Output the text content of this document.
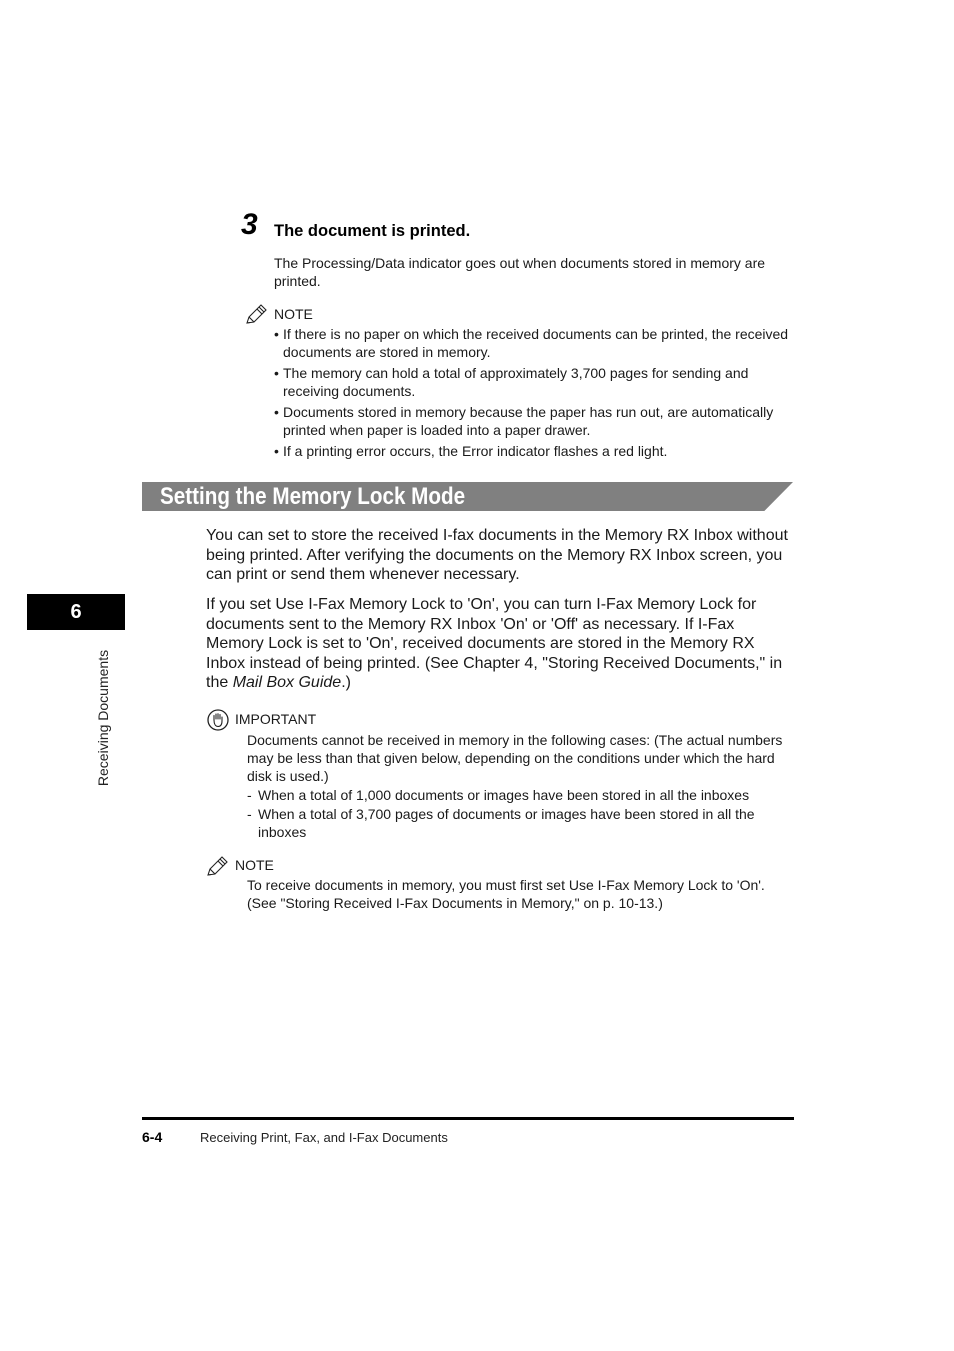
3 The document is printed.
The Processing/Data indicator goes out when documents stored in memory are printed.
NOTE
• If there is no paper on which the received documents can be printed, the received documents are stored in memory.
• The memory can hold a total of approximately 3,700 pages for sending and receiving documents.
• Documents stored in memory because the paper has run out, are automatically printed when paper is loaded into a paper drawer.
• If a printing error occurs, the Error indicator flashes a red light.
Setting the Memory Lock Mode
You can set to store the received I-fax documents in the Memory RX Inbox without being printed. After verifying the documents on the Memory RX Inbox screen, you can print or send them whenever necessary.
If you set Use I-Fax Memory Lock to 'On', you can turn I-Fax Memory Lock for documents sent to the Memory RX Inbox 'On' or 'Off' as necessary. If I-Fax Memory Lock is set to 'On', received documents are stored in the Memory RX Inbox instead of being printed. (See Chapter 4, "Storing Received Documents," in the Mail Box Guide.)
IMPORTANT
Documents cannot be received in memory in the following cases: (The actual numbers may be less than that given below, depending on the conditions under which the hard disk is used.)
- When a total of 1,000 documents or images have been stored in all the inboxes
- When a total of 3,700 pages of documents or images have been stored in all the inboxes
NOTE
To receive documents in memory, you must first set Use I-Fax Memory Lock to 'On'. (See "Storing Received I-Fax Documents in Memory," on p. 10-13.)
6
Receiving Documents
6-4	Receiving Print, Fax, and I-Fax Documents
